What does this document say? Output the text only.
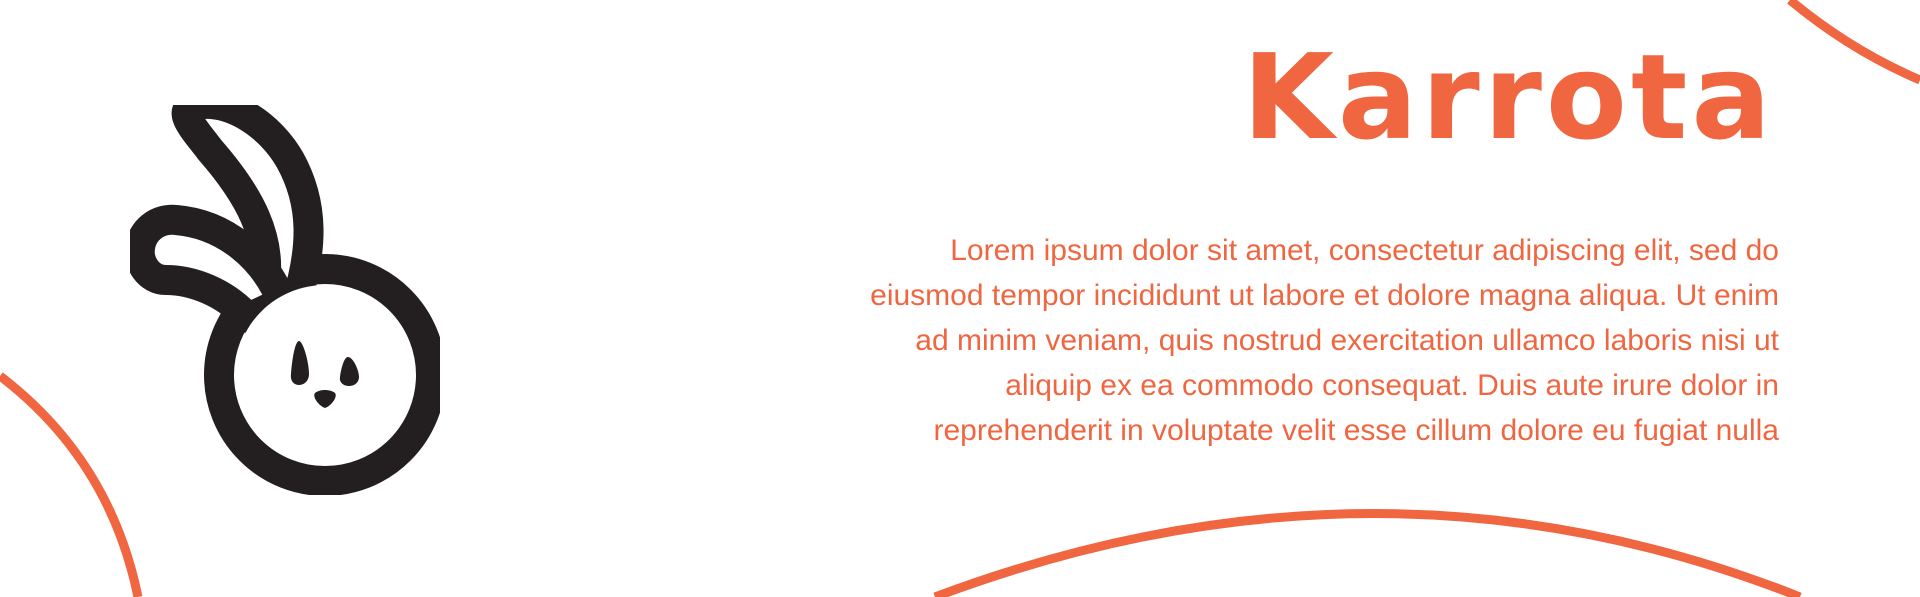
Karrota

Lorem ipsum dolor sit amet, consectetur adipiscing elit, sed do eiusmod tempor incididunt ut labore et dolore magna aliqua. Ut enim ad minim veniam, quis nostrud exercitation ullamco laboris nisi ut aliquip ex ea commodo consequat. Duis aute irure dolor in reprehenderit in voluptate velit esse cillum dolore eu fugiat nulla
